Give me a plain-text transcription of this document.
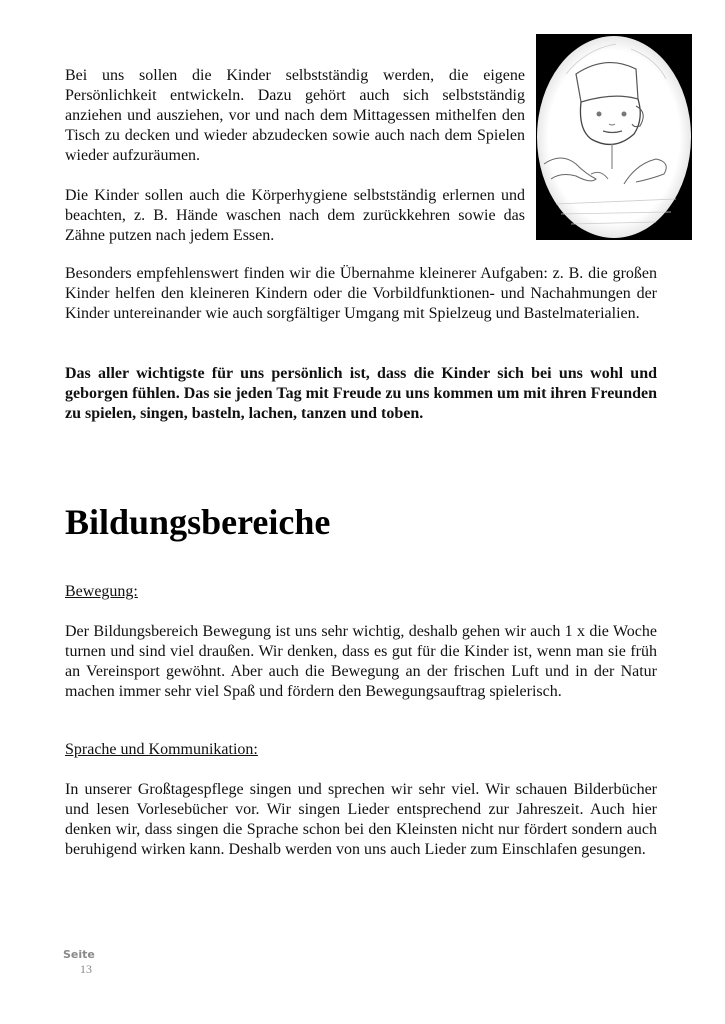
Bei uns sollen die Kinder selbstständig werden, die eigene Persönlichkeit entwickeln. Dazu gehört auch sich selbstständig anziehen und ausziehen, vor und nach dem Mittagessen mithelfen den Tisch zu decken und wieder abzudecken sowie auch nach dem Spielen wieder aufzuräumen.

Die Kinder sollen auch die Körperhygiene selbstständig erlernen und beachten, z. B. Hände waschen nach dem zurückkehren sowie das Zähne putzen nach jedem Essen.

Besonders empfehlenswert finden wir die Übernahme kleinerer Aufgaben: z. B. die großen Kinder helfen den kleineren Kindern oder die Vorbildfunktionen- und Nachahmungen der Kinder untereinander wie auch sorgfältiger Umgang mit Spielzeug und Bastelmaterialien.

Das aller wichtigste für uns persönlich ist, dass die Kinder sich bei uns wohl und geborgen fühlen. Das sie jeden Tag mit Freude zu uns kommen um mit ihren Freunden zu spielen, singen, basteln, lachen, tanzen und toben.

Bildungsbereiche

Bewegung:

Der Bildungsbereich Bewegung ist uns sehr wichtig, deshalb gehen wir auch 1 x die Woche turnen und sind viel draußen. Wir denken, dass es gut für die Kinder ist, wenn man sie früh an Vereinsport gewöhnt. Aber auch die Bewegung an der frischen Luft und in der Natur machen immer sehr viel Spaß und fördern den Bewegungsauftrag spielerisch.

Sprache und Kommunikation:

In unserer Großtagespflege singen und sprechen wir sehr viel. Wir schauen Bilderbücher und lesen Vorlesebücher vor. Wir singen Lieder entsprechend zur Jahreszeit. Auch hier denken wir, dass singen die Sprache schon bei den Kleinsten nicht nur fördert sondern auch beruhigend wirken kann. Deshalb werden von uns auch Lieder zum Einschlafen gesungen.

Seite
13
